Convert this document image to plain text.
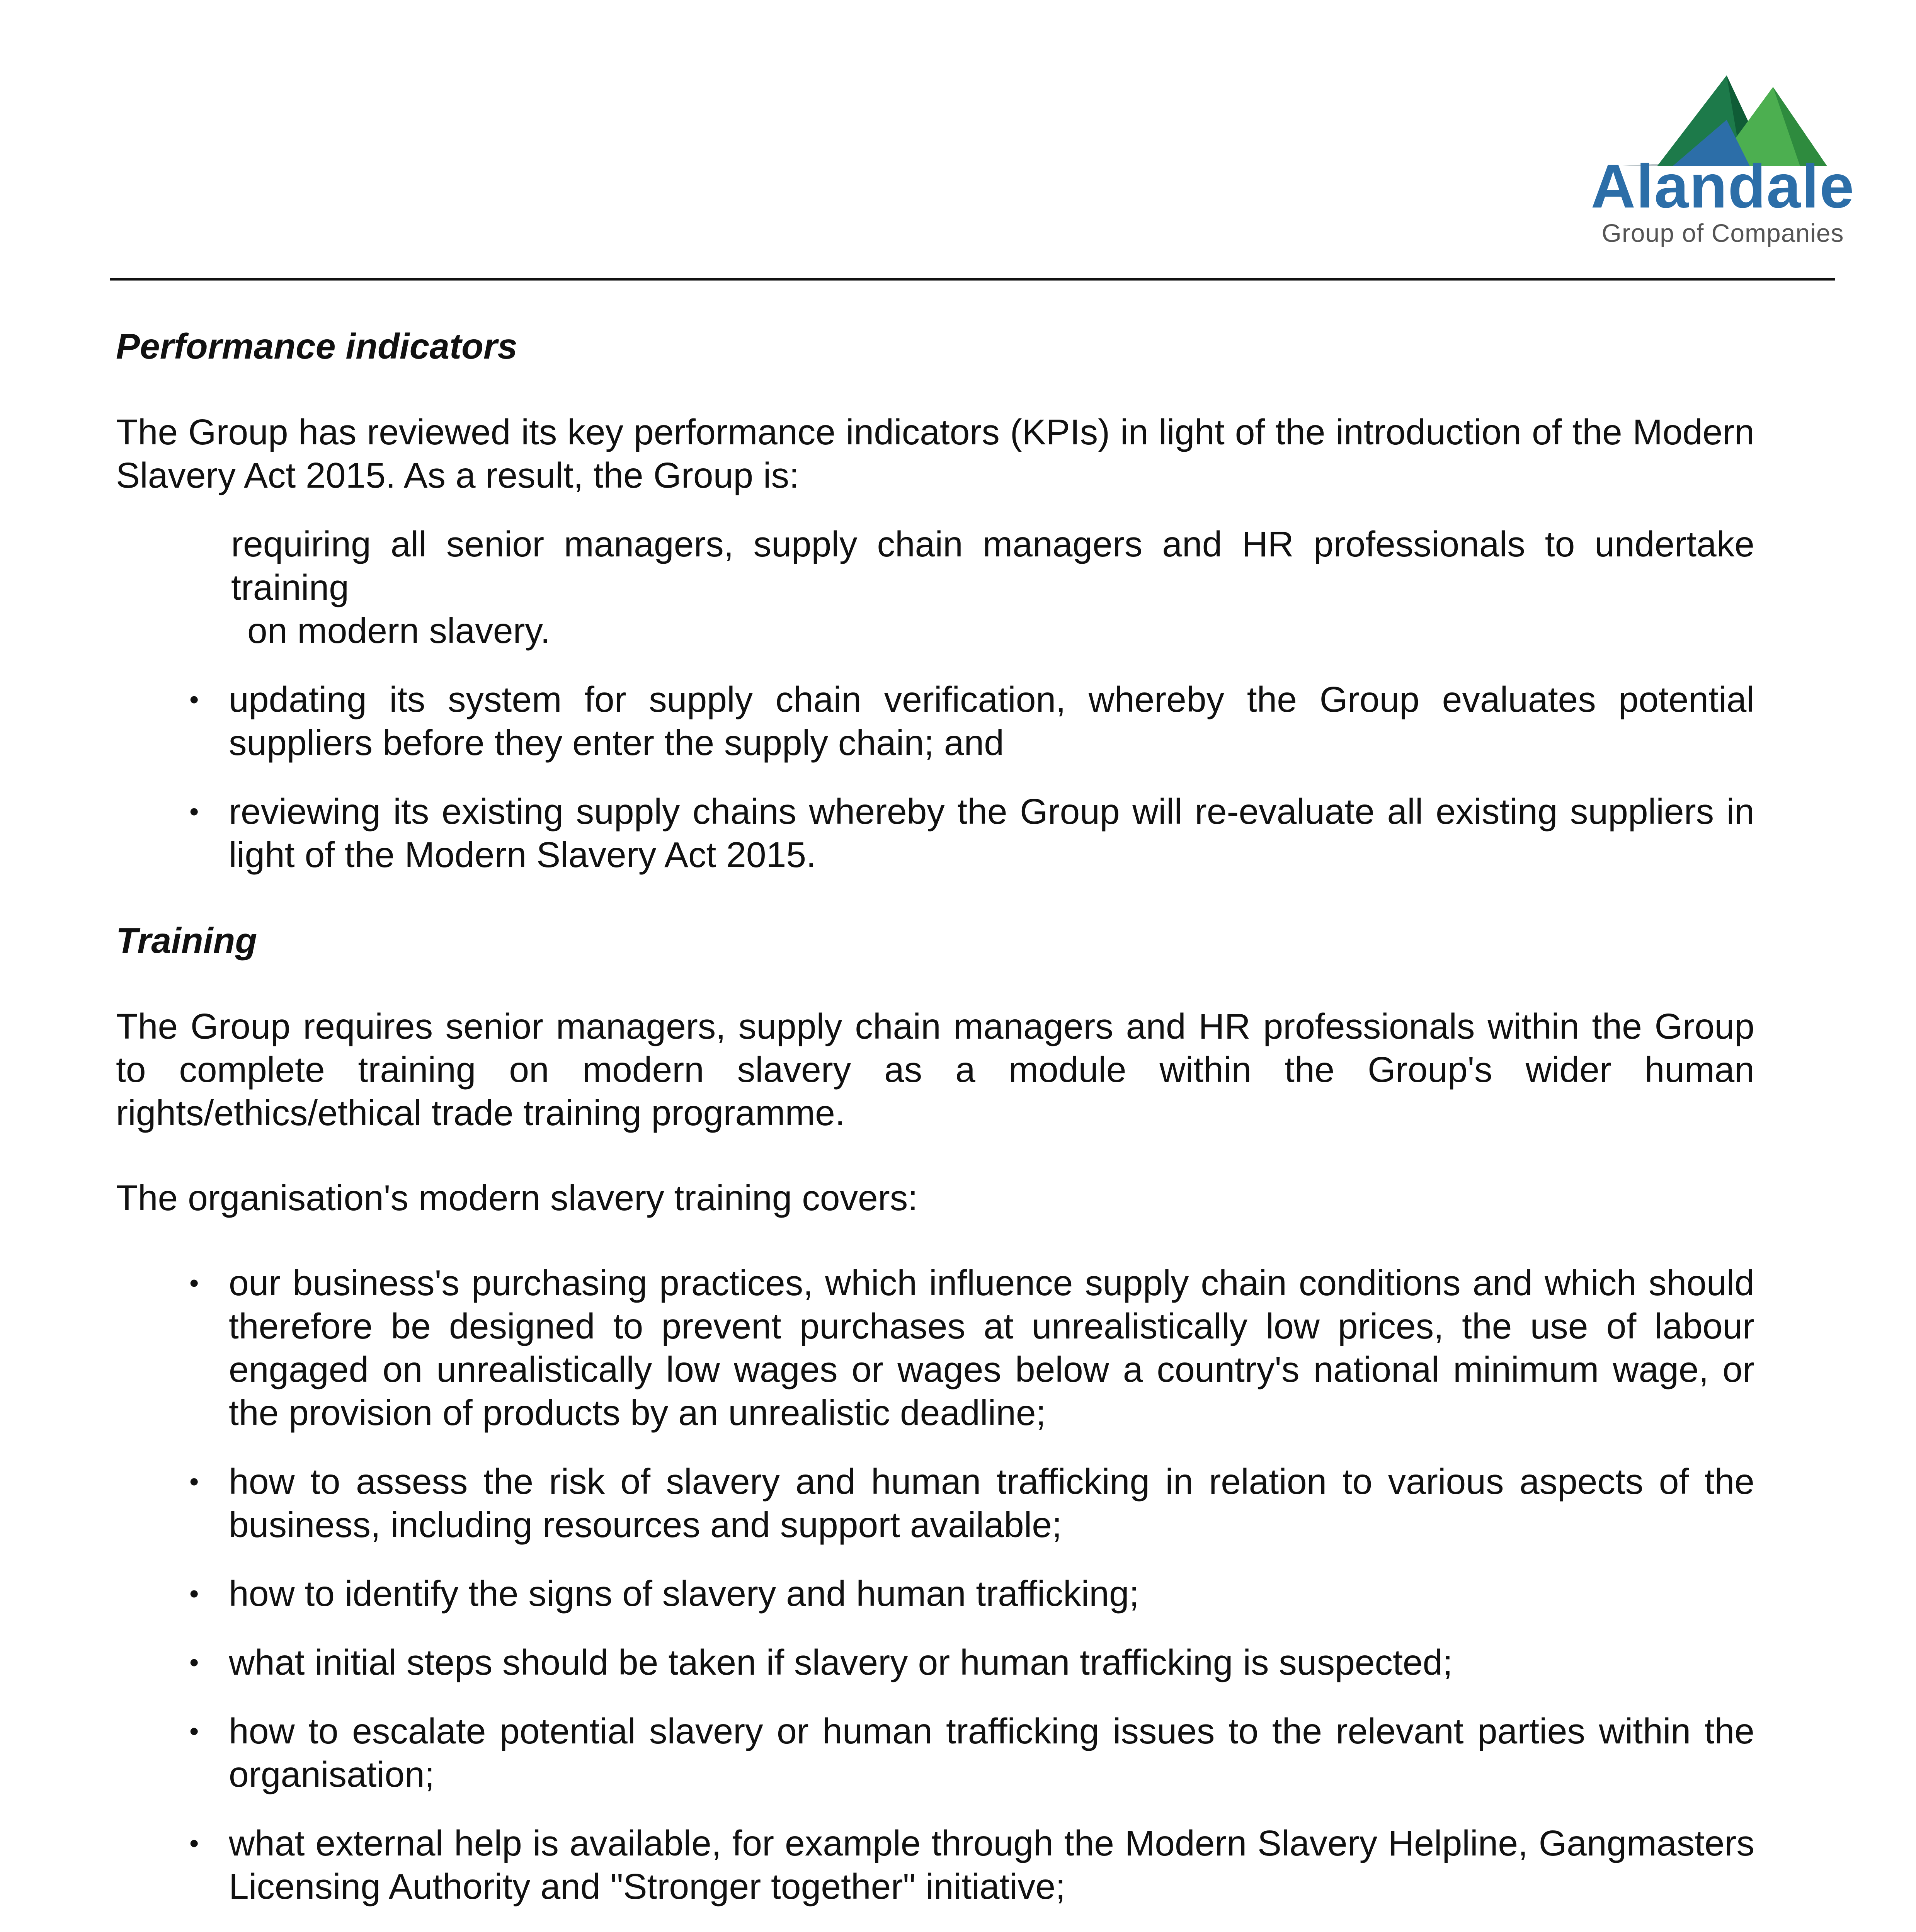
Alandale
Group of Companies
Performance indicators
The Group has reviewed its key performance indicators (KPIs) in light of the introduction of the Modern Slavery Act 2015. As a result, the Group is:
requiring all senior managers, supply chain managers and HR professionals to undertake training
on modern slavery.
• updating its system for supply chain verification, whereby the Group evaluates potential suppliers before they enter the supply chain; and
• reviewing its existing supply chains whereby the Group will re-evaluate all existing suppliers in light of the Modern Slavery Act 2015.
Training
The Group requires senior managers, supply chain managers and HR professionals within the Group to complete training on modern slavery as a module within the Group's wider human rights/ethics/ethical trade training programme.
The organisation's modern slavery training covers:
• our business's purchasing practices, which influence supply chain conditions and which should therefore be designed to prevent purchases at unrealistically low prices, the use of labour engaged on unrealistically low wages or wages below a country's national minimum wage, or the provision of products by an unrealistic deadline;
• how to assess the risk of slavery and human trafficking in relation to various aspects of the business, including resources and support available;
• how to identify the signs of slavery and human trafficking;
• what initial steps should be taken if slavery or human trafficking is suspected;
• how to escalate potential slavery or human trafficking issues to the relevant parties within the organisation;
• what external help is available, for example through the Modern Slavery Helpline, Gangmasters Licensing Authority and "Stronger together" initiative;
